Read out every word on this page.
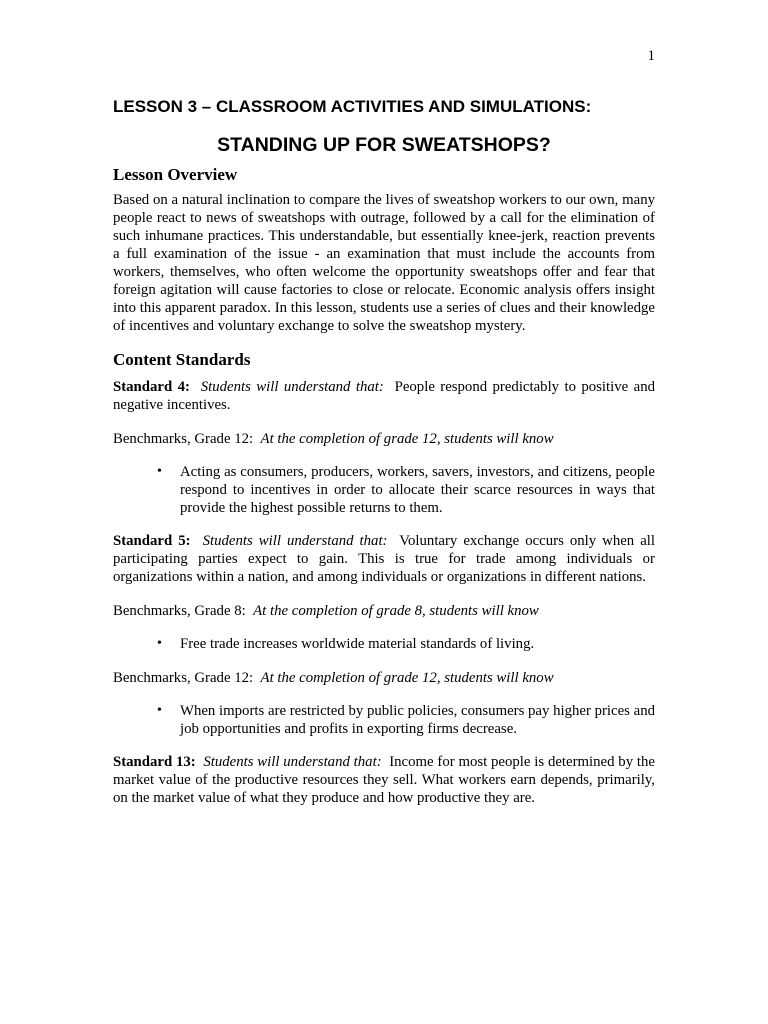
1
LESSON 3 – CLASSROOM ACTIVITIES AND SIMULATIONS:
STANDING UP FOR SWEATSHOPS?
Lesson Overview

Based on a natural inclination to compare the lives of sweatshop workers to our own, many people react to news of sweatshops with outrage, followed by a call for the elimination of such inhumane practices. This understandable, but essentially knee-jerk, reaction prevents a full examination of the issue - an examination that must include the accounts from workers, themselves, who often welcome the opportunity sweatshops offer and fear that foreign agitation will cause factories to close or relocate. Economic analysis offers insight into this apparent paradox. In this lesson, students use a series of clues and their knowledge of incentives and voluntary exchange to solve the sweatshop mystery.

Content Standards

Standard 4: Students will understand that: People respond predictably to positive and negative incentives.

Benchmarks, Grade 12: At the completion of grade 12, students will know

• Acting as consumers, producers, workers, savers, investors, and citizens, people respond to incentives in order to allocate their scarce resources in ways that provide the highest possible returns to them.

Standard 5: Students will understand that: Voluntary exchange occurs only when all participating parties expect to gain. This is true for trade among individuals or organizations within a nation, and among individuals or organizations in different nations.

Benchmarks, Grade 8: At the completion of grade 8, students will know

• Free trade increases worldwide material standards of living.

Benchmarks, Grade 12: At the completion of grade 12, students will know

• When imports are restricted by public policies, consumers pay higher prices and job opportunities and profits in exporting firms decrease.

Standard 13: Students will understand that: Income for most people is determined by the market value of the productive resources they sell. What workers earn depends, primarily, on the market value of what they produce and how productive they are.
